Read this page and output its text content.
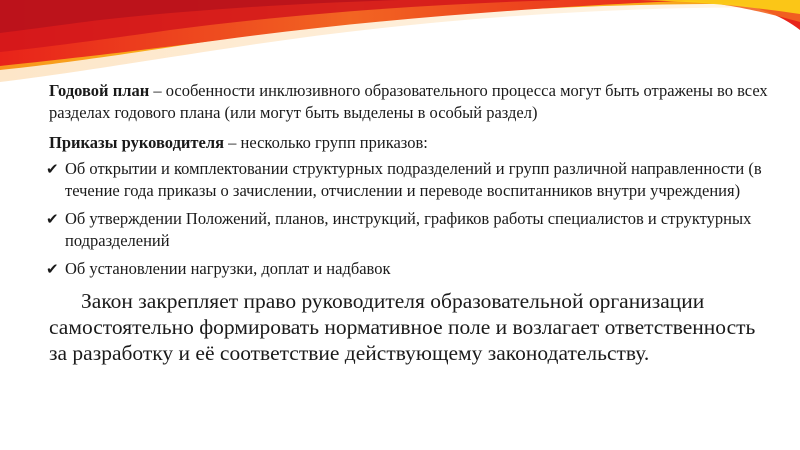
Годовой план – особенности инклюзивного образовательного процесса могут быть отражены во всех разделах годового плана (или могут быть выделены в особый раздел)

Приказы руководителя – несколько групп приказов:

✔ Об открытии и комплектовании структурных подразделений и групп различной направленности (в течение года приказы о зачислении, отчислении и переводе воспитанников внутри учреждения)
✔ Об утверждении Положений, планов, инструкций, графиков работы специалистов и структурных подразделений
✔ Об установлении нагрузки, доплат и надбавок

Закон закрепляет право руководителя образовательной организации самостоятельно формировать нормативное поле и возлагает ответственность за разработку и её соответствие действующему законодательству.
